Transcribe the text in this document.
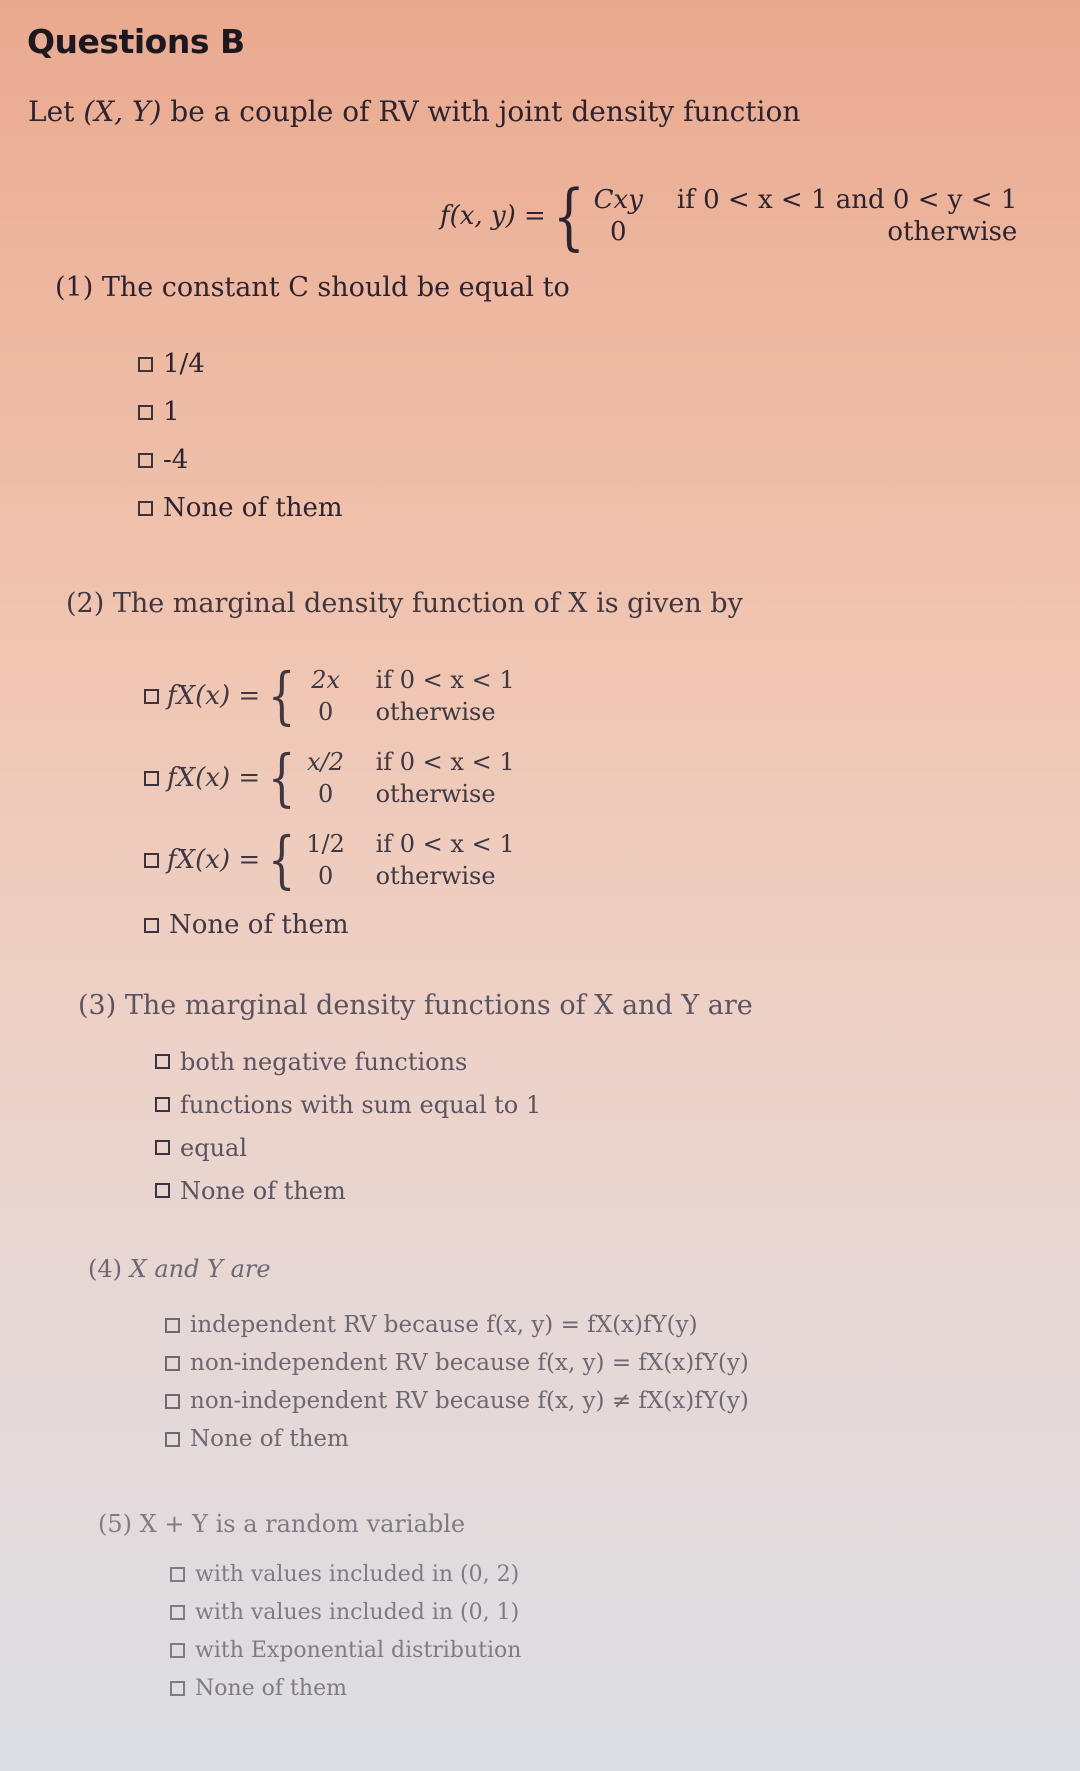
Questions B
Let (X, Y) be a couple of RV with joint density function
f(x, y) = { Cxy if 0 < x < 1 and 0 < y < 1
0	otherwise
(1) The constant C should be equal to
1/4
1
-4
None of them
(2) The marginal density function of X is given by
fX(x) = { 2x if 0 < x < 1
0	otherwise
fX(x) = { x/2 if 0 < x < 1
0	otherwise
fX(x) = { 1/2 if 0 < x < 1
0	otherwise
None of them
(3) The marginal density functions of X and Y are
both negative functions
functions with sum equal to 1
equal
None of them
(4) X and Y are
independent RV because f(x, y) = fX(x)fY(y)
non-independent RV because f(x, y) = fX(x)fY(y)
non-independent RV because f(x, y) ≠ fX(x)fY(y)
None of them
(5) X + Y is a random variable
with values included in (0, 2)
with values included in (0, 1)
with Exponential distribution
None of them
